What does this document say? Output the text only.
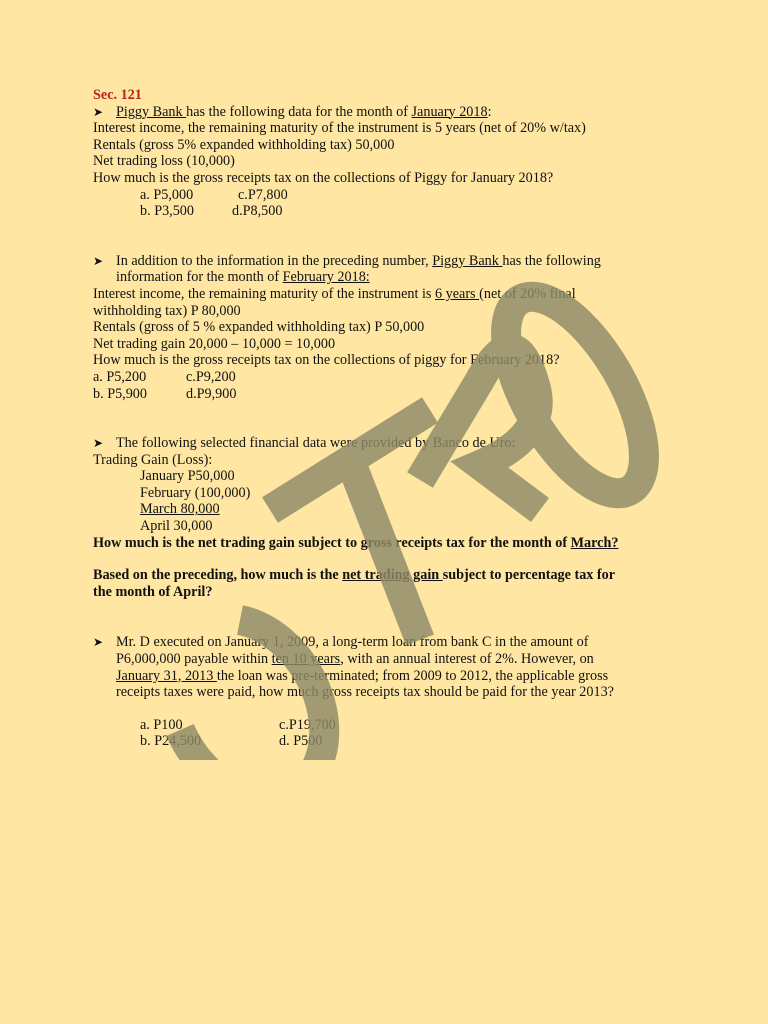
Sec. 121
➤ Piggy Bank has the following data for the month of January 2018:
Interest income, the remaining maturity of the instrument is 5 years (net of 20% w/tax)
Rentals (gross 5% expanded withholding tax) 50,000
Net trading loss (10,000)
How much is the gross receipts tax on the collections of Piggy for January 2018?
a. P5,000	c.P7,800
b. P3,500	d.P8,500
➤ In addition to the information in the preceding number, Piggy Bank has the following
information for the month of February 2018:
Interest income, the remaining maturity of the instrument is 6 years (net of 20% final
withholding tax) P 80,000
Rentals (gross of 5 % expanded withholding tax) P 50,000
Net trading gain 20,000 – 10,000 = 10,000
How much is the gross receipts tax on the collections of piggy for February 2018?
a. P5,200	c.P9,200
b. P5,900	d.P9,900
➤ The following selected financial data were provided by Banco de Uro:
Trading Gain (Loss):
January P50,000
February (100,000)
March 80,000
April 30,000
How much is the net trading gain subject to gross receipts tax for the month of March?
Based on the preceding, how much is the net trading gain subject to percentage tax for
the month of April?
➤ Mr. D executed on January 1, 2009, a long-term loan from bank C in the amount of
P6,000,000 payable within ten 10 years, with an annual interest of 2%. However, on
January 31, 2013 the loan was pre-terminated; from 2009 to 2012, the applicable gross
receipts taxes were paid, how much gross receipts tax should be paid for the year 2013?
a. P100	c.P19,700
b. P24,500	d. P500
